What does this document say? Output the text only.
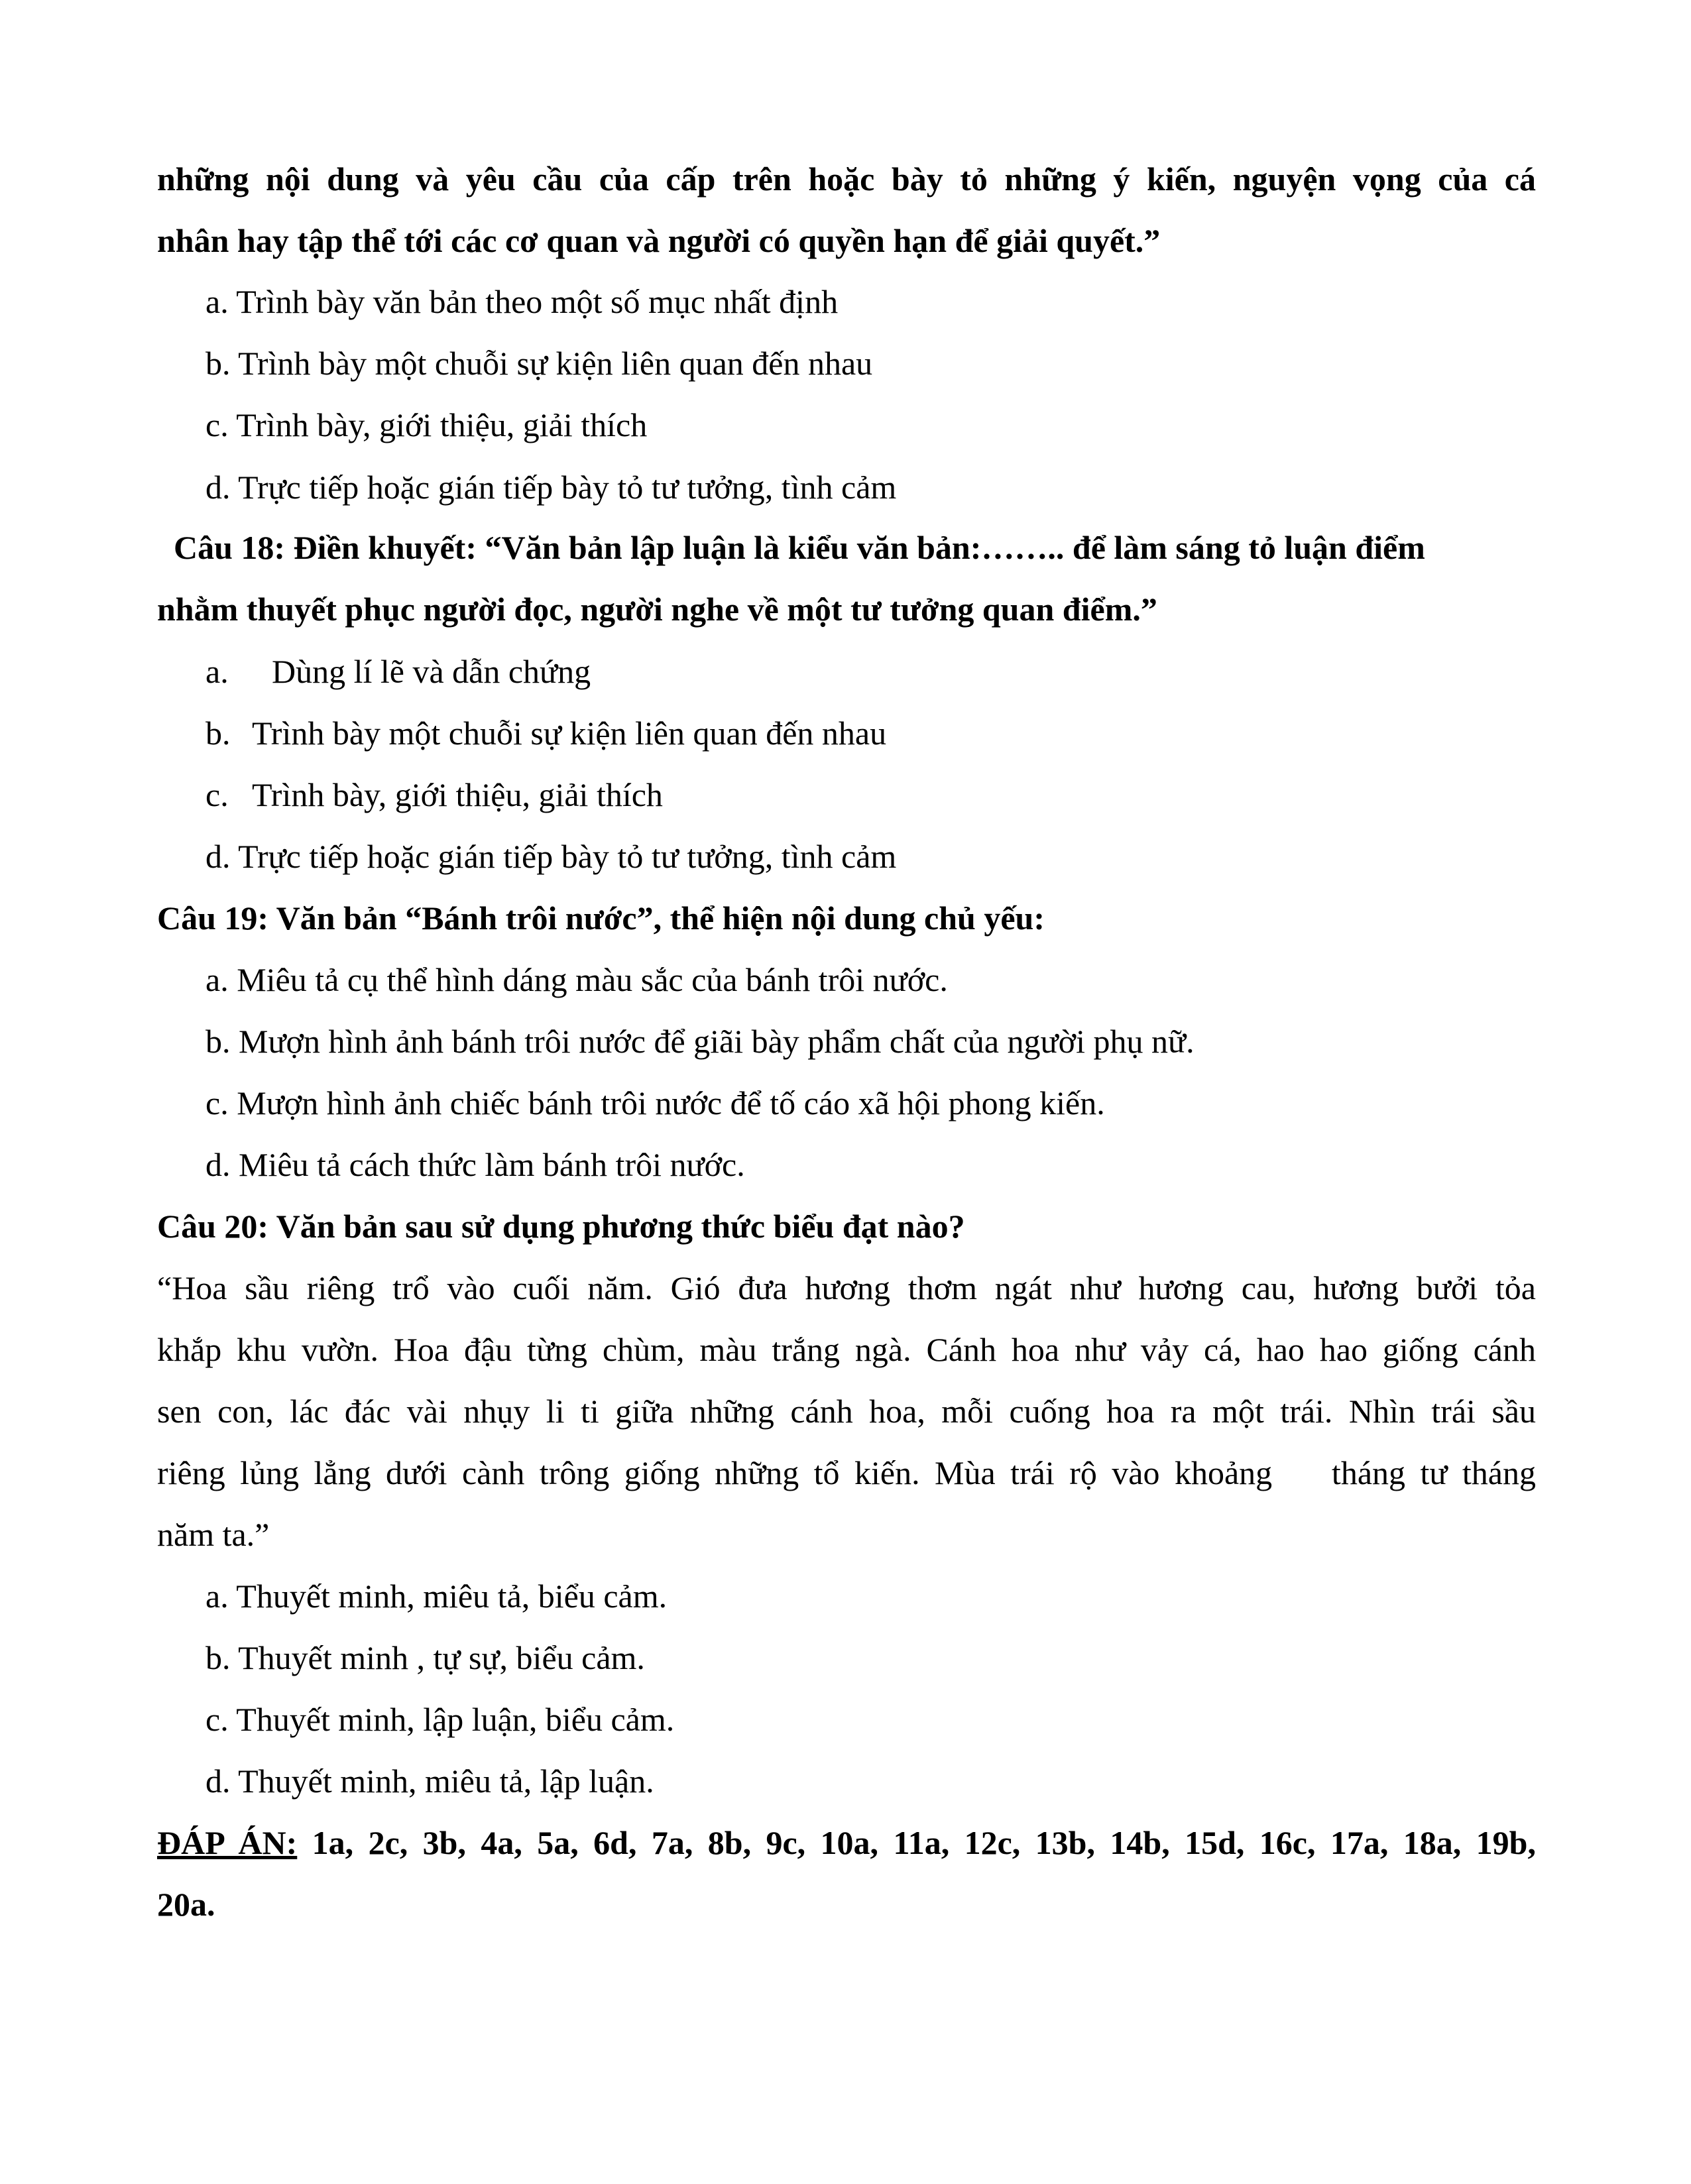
những nội dung và yêu cầu của cấp trên hoặc bày tỏ những ý kiến, nguyện vọng của cá
nhân hay tập thể tới các cơ quan và người có quyền hạn để giải quyết.”
a. Trình bày văn bản theo một số mục nhất định
b. Trình bày một chuỗi sự kiện liên quan đến nhau
c. Trình bày, giới thiệu, giải thích
d. Trực tiếp hoặc gián tiếp bày tỏ tư tưởng, tình cảm
Câu 18: Điền khuyết: “Văn bản lập luận là kiểu văn bản:…….. để làm sáng tỏ luận điểm
nhằm thuyết phục người đọc, người nghe về một tư tưởng quan điểm.”
a. Dùng lí lẽ và dẫn chứng
b. Trình bày một chuỗi sự kiện liên quan đến nhau
c. Trình bày, giới thiệu, giải thích
d. Trực tiếp hoặc gián tiếp bày tỏ tư tưởng, tình cảm
Câu 19: Văn bản “Bánh trôi nước”, thể hiện nội dung chủ yếu:
a. Miêu tả cụ thể hình dáng màu sắc của bánh trôi nước.
b. Mượn hình ảnh bánh trôi nước để giãi bày phẩm chất của người phụ nữ.
c. Mượn hình ảnh chiếc bánh trôi nước để tố cáo xã hội phong kiến.
d. Miêu tả cách thức làm bánh trôi nước.
Câu 20: Văn bản sau sử dụng phương thức biểu đạt nào?
“Hoa sầu riêng trổ vào cuối năm. Gió đưa hương thơm ngát như hương cau, hương bưởi tỏa
khắp khu vườn. Hoa đậu từng chùm, màu trắng ngà. Cánh hoa như vảy cá, hao hao giống cánh
sen con, lác đác vài nhụy li ti giữa những cánh hoa, mỗi cuống hoa ra một trái. Nhìn trái sầu
riêng lủng lẳng dưới cành trông giống những tổ kiến. Mùa trái rộ vào khoảng    tháng tư tháng
năm ta.”
a. Thuyết minh, miêu tả, biểu cảm.
b. Thuyết minh , tự sự, biểu cảm.
c. Thuyết minh, lập luận, biểu cảm.
d. Thuyết minh, miêu tả, lập luận.
ĐÁP ÁN: 1a, 2c, 3b, 4a, 5a, 6d, 7a, 8b, 9c, 10a, 11a, 12c, 13b, 14b, 15d, 16c, 17a, 18a, 19b,
20a.
